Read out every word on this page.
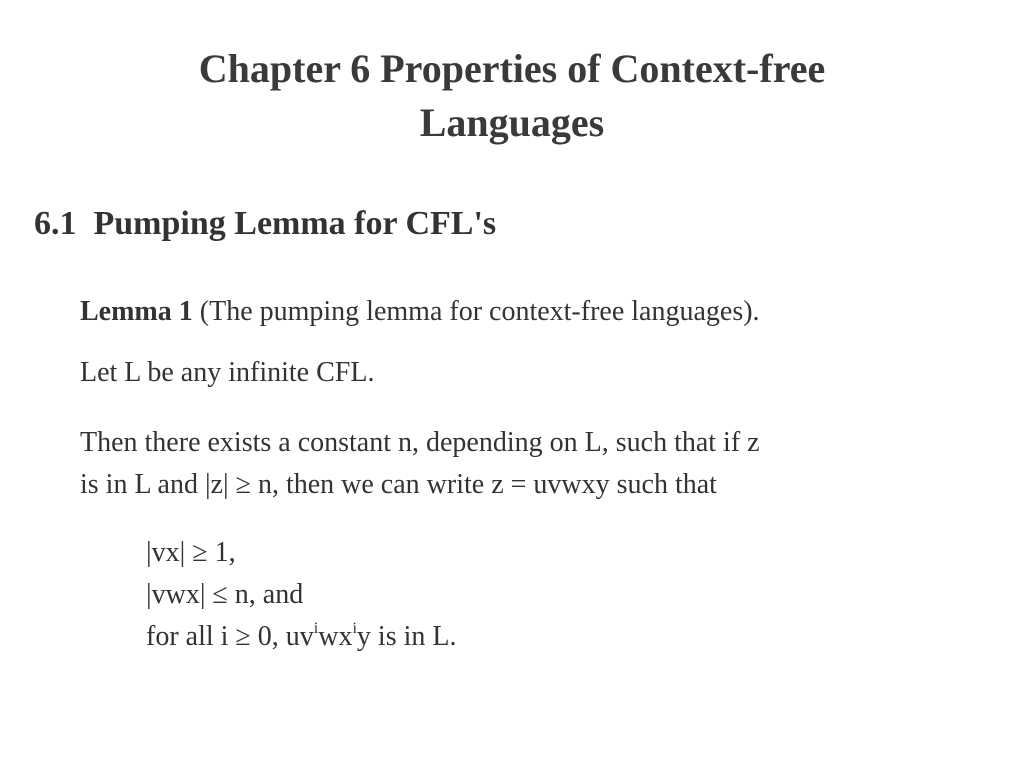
Chapter 6 Properties of Context-free
Languages
6.1  Pumping Lemma for CFL's
Lemma 1 (The pumping lemma for context-free languages).
Let L be any infinite CFL.
Then there exists a constant n, depending on L, such that if z
is in L and |z| ≥ n, then we can write z = uvwxy such that
|vx| ≥ 1,
|vwx| ≤ n, and
for all i ≥ 0, $uv^iwx^iy$ is in L.
